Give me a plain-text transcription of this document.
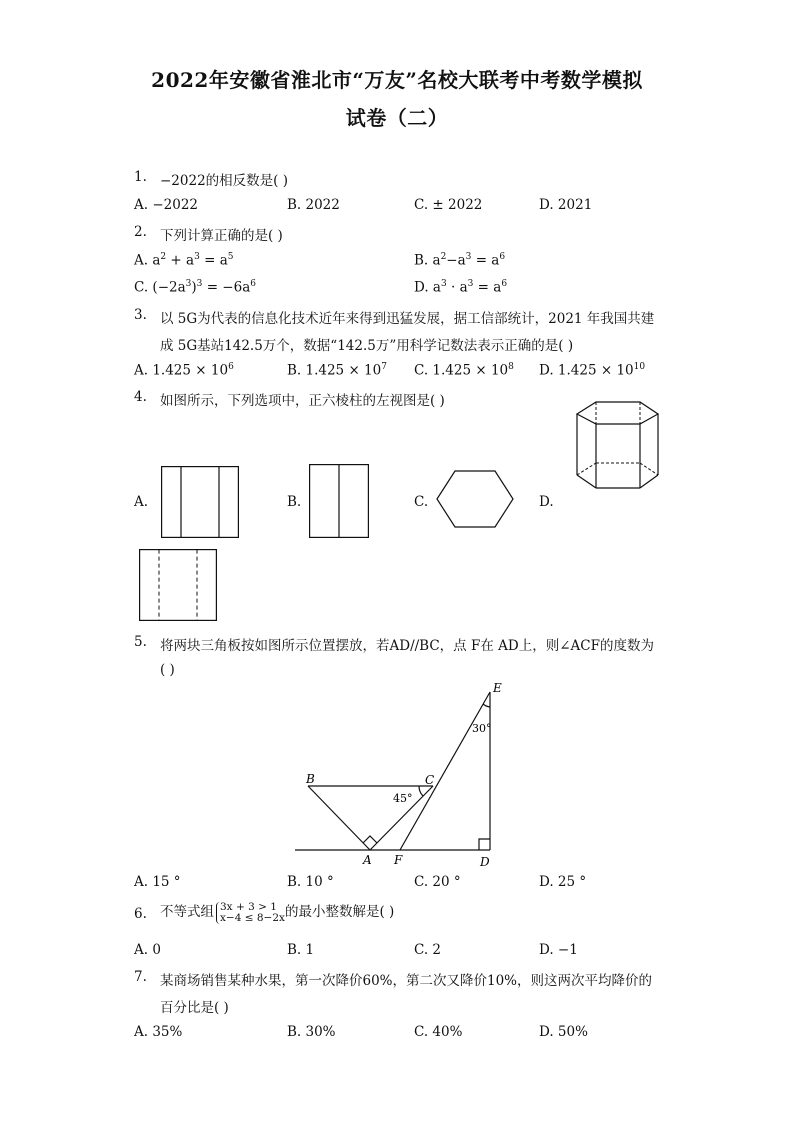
2022年安徽省淮北市“万友”名校大联考中考数学模拟
试卷（二）
1. −2022的相反数是( )
A. −2022	B. 2022	C. ± 2022	D. 2021
2. 下列计算正确的是( )
A. $a^2 + a^3 = a^5$	B. $a^2-a^3 = a^6$
C. $(-2a^3)^3 = -6a^6$	D. $a^3 \cdot a^3 = a^6$
3. 以 5G为代表的信息化技术近年来得到迅猛发展，据工信部统计，2021 年我国共建
成 5G基站142.5万个，数据“142.5万”用科学记数法表示正确的是( )
A. $1.425 \times 10^6$	B. $1.425 \times 10^7$ C. $1.425 \times 10^8$ D. $1.425 \times 10^{10}$
4. 如图所示，下列选项中，正六棱柱的左视图是( )
A.	B.	C.	D.
5. 将两块三角板按如图所示位置摆放，若AD//BC，点 F在 AD上，则∠ACF的度数为
( )
E
B	C
A F	D
30°
45°
A. 15 °	B. 10 °	C. 20 °	D. 25 °
6. 不等式组 3x + 3 > 1
x−4 ≤ 8−2x的最小整数解是( )
A. 0	B. 1	C. 2	D. −1
7. 某商场销售某种水果，第一次降价60%，第二次又降价10%，则这两次平均降价的
百分比是( )
A. 35%	B. 30%	C. 40%	D. 50%
